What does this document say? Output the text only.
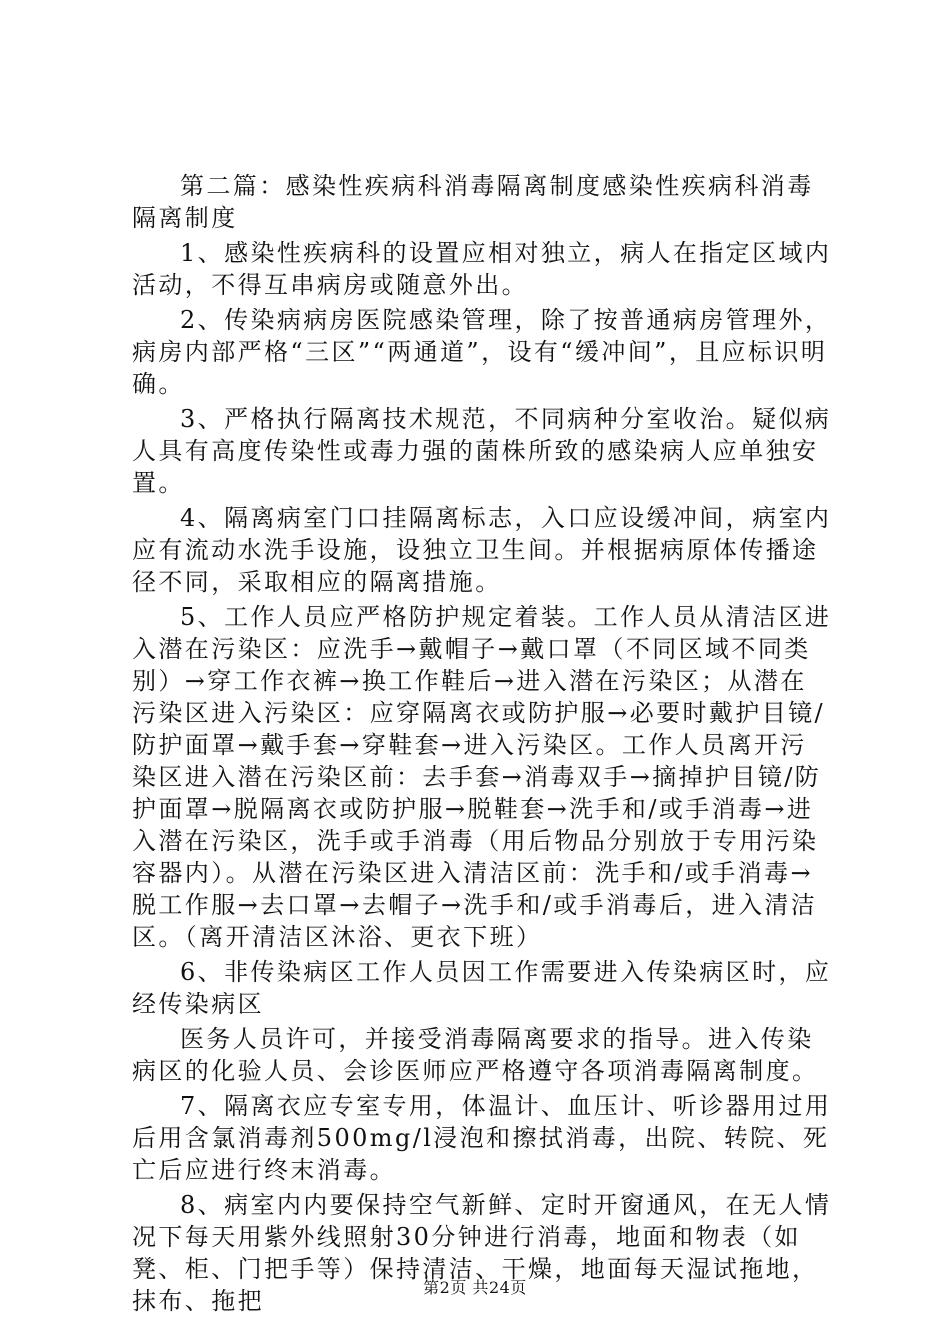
第二篇：感染性疾病科消毒隔离制度感染性疾病科消毒隔离制度

1、感染性疾病科的设置应相对独立，病人在指定区域内活动，不得互串病房或随意外出。

2、传染病病房医院感染管理，除了按普通病房管理外，病房内部严格“三区”“两通道”，设有“缓冲间”，且应标识明确。

3、严格执行隔离技术规范，不同病种分室收治。疑似病人具有高度传染性或毒力强的菌株所致的感染病人应单独安置。

4、隔离病室门口挂隔离标志，入口应设缓冲间，病室内应有流动水洗手设施，设独立卫生间。并根据病原体传播途径不同，采取相应的隔离措施。

5、工作人员应严格防护规定着装。工作人员从清洁区进入潜在污染区：应洗手→戴帽子→戴口罩（不同区域不同类别）→穿工作衣裤→换工作鞋后→进入潜在污染区；从潜在污染区进入污染区：应穿隔离衣或防护服→必要时戴护目镜/防护面罩→戴手套→穿鞋套→进入污染区。工作人员离开污染区进入潜在污染区前：去手套→消毒双手→摘掉护目镜/防护面罩→脱隔离衣或防护服→脱鞋套→洗手和/或手消毒→进入潜在污染区，洗手或手消毒（用后物品分别放于专用污染容器内）。从潜在污染区进入清洁区前：洗手和/或手消毒→脱工作服→去口罩→去帽子→洗手和/或手消毒后，进入清洁区。（离开清洁区沐浴、更衣下班）

6、非传染病区工作人员因工作需要进入传染病区时，应经传染病区

医务人员许可，并接受消毒隔离要求的指导。进入传染病区的化验人员、会诊医师应严格遵守各项消毒隔离制度。

7、隔离衣应专室专用，体温计、血压计、听诊器用过用后用含氯消毒剂500mg/l浸泡和擦拭消毒，出院、转院、死亡后应进行终末消毒。

8、病室内内要保持空气新鲜、定时开窗通风，在无人情况下每天用紫外线照射30分钟进行消毒，地面和物表（如凳、柜、门把手等）保持清洁、干燥，地面每天湿试拖地，抹布、拖把	第2页 共24页
